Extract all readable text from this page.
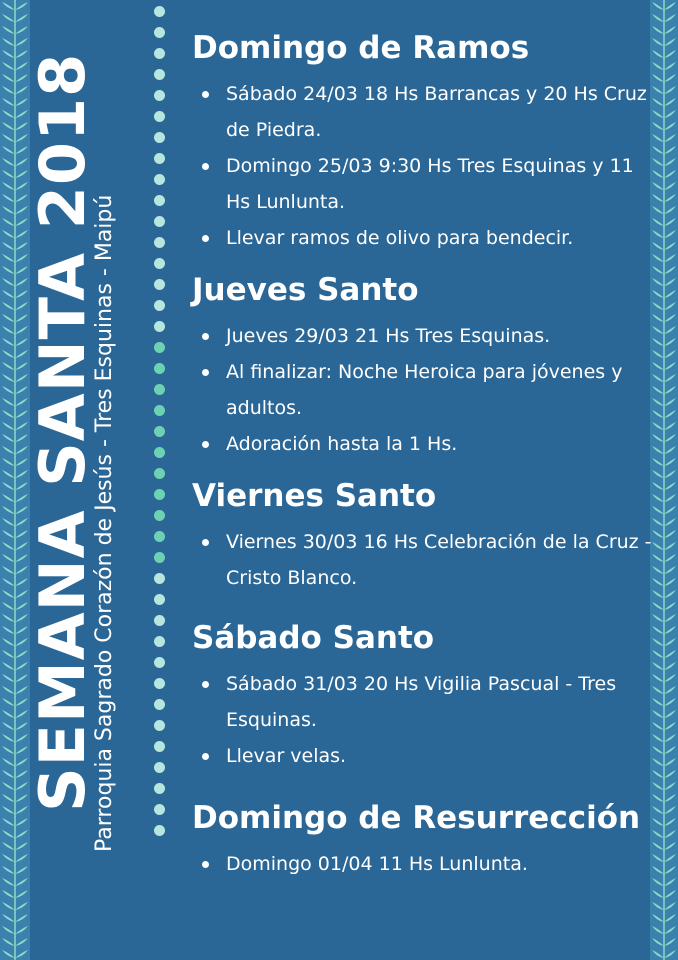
SEMANA SANTA 2018
Parroquia Sagrado Corazón de Jesús - Tres Esquinas - Maipú
Domingo de Ramos
Sábado 24/03 18 Hs Barrancas y 20 Hs Cruz de Piedra.
Domingo 25/03 9:30 Hs Tres Esquinas y 11 Hs Lunlunta.
Llevar ramos de olivo para bendecir.
Jueves Santo
Jueves 29/03 21 Hs Tres Esquinas.
Al finalizar: Noche Heroica para jóvenes y adultos.
Adoración hasta la 1 Hs.
Viernes Santo
Viernes 30/03 16 Hs Celebración de la Cruz - Cristo Blanco.
Sábado Santo
Sábado 31/03 20 Hs Vigilia Pascual - Tres Esquinas.
Llevar velas.
Domingo de Resurrección
Domingo 01/04 11 Hs Lunlunta.
